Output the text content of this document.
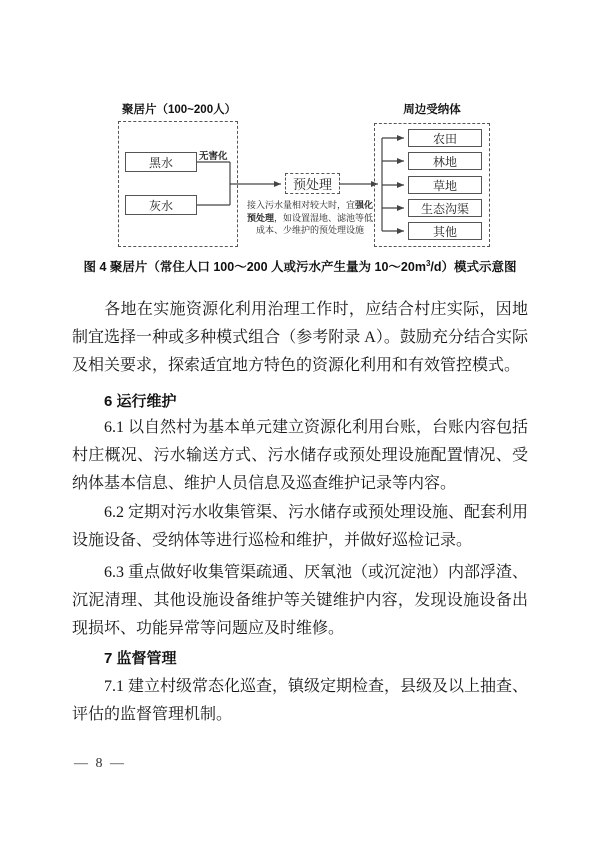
聚居片（100~200人）
黑水
灰水
无害化
预处理
接入污水量相对较大时，宜强化
预处理，如设置湿地、滤池等低
成本、少维护的预处理设施
周边受纳体
农田
林地
草地
生态沟渠
其他
图 4 聚居片（常住人口 100～200 人或污水产生量为 $10\sim 20m^3/d$）模式示意图

各地在实施资源化利用治理工作时，应结合村庄实际，因地制宜选择一种或多种模式组合（参考附录 A）。鼓励充分结合实际及相关要求，探索适宜地方特色的资源化利用和有效管控模式。

6 运行维护

6.1 以自然村为基本单元建立资源化利用台账，台账内容包括村庄概况、污水输送方式、污水储存或预处理设施配置情况、受纳体基本信息、维护人员信息及巡查维护记录等内容。

6.2 定期对污水收集管渠、污水储存或预处理设施、配套利用设施设备、受纳体等进行巡检和维护，并做好巡检记录。

6.3 重点做好收集管渠疏通、厌氧池（或沉淀池）内部浮渣、沉泥清理、其他设施设备维护等关键维护内容，发现设施设备出现损坏、功能异常等问题应及时维修。

7 监督管理

7.1 建立村级常态化巡查，镇级定期检查，县级及以上抽查、评估的监督管理机制。

— 8 —
